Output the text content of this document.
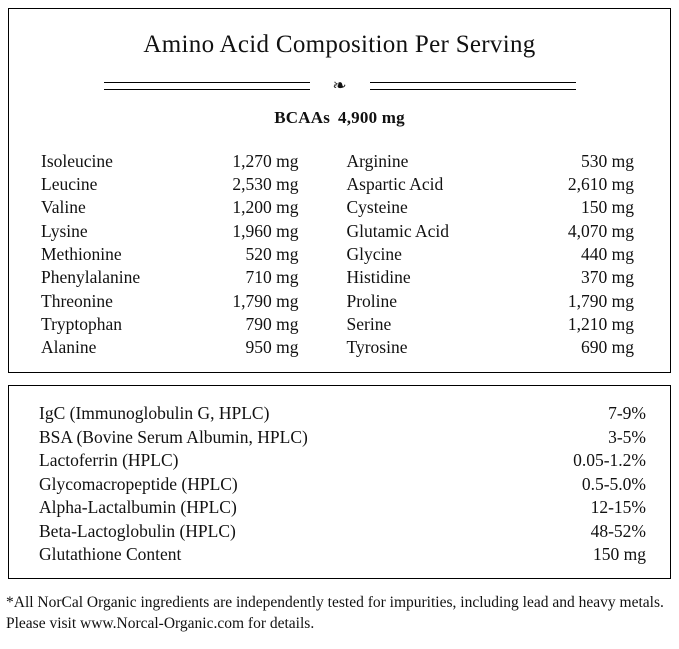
Amino Acid Composition Per Serving
❧
BCAAs 4,900 mg
Isoleucine	1,270 mg
Leucine	2,530 mg
Valine	1,200 mg
Lysine	1,960 mg
Methionine	520 mg
Phenylalanine	710 mg
Threonine	1,790 mg
Tryptophan	790 mg
Alanine	950 mg
Arginine	530 mg
Aspartic Acid	2,610 mg
Cysteine	150 mg
Glutamic Acid	4,070 mg
Glycine	440 mg
Histidine	370 mg
Proline	1,790 mg
Serine	1,210 mg
Tyrosine	690 mg
IgC (Immunoglobulin G, HPLC)	7-9%
BSA (Bovine Serum Albumin, HPLC)	3-5%
Lactoferrin (HPLC)	0.05-1.2%
Glycomacropeptide (HPLC)	0.5-5.0%
Alpha-Lactalbumin (HPLC)	12-15%
Beta-Lactoglobulin (HPLC)	48-52%
Glutathione Content	150 mg
*All NorCal Organic ingredients are independently tested for impurities, including lead and heavy metals. Please visit www.Norcal-Organic.com for details.
